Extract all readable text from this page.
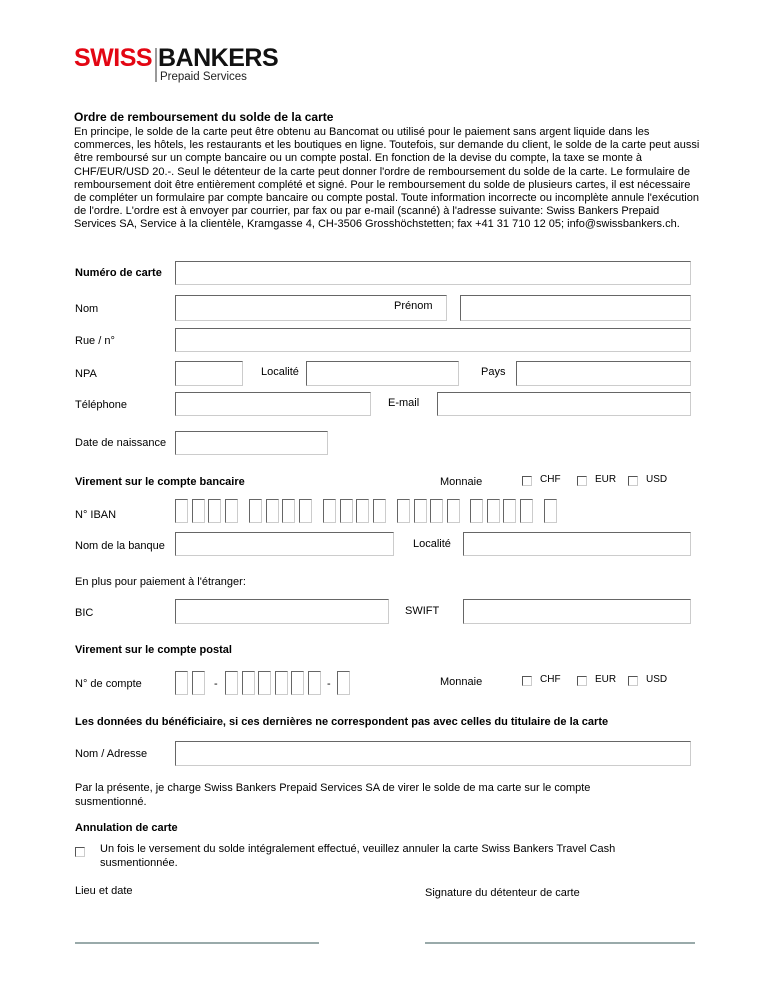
SWISS BANKERS
Prepaid Services
Ordre de remboursement du solde de la carte
En principe, le solde de la carte peut être obtenu au Bancomat ou utilisé pour le paiement sans argent liquide dans les commerces, les hôtels, les restaurants et les boutiques en ligne. Toutefois, sur demande du client, le solde de la carte peut aussi être remboursé sur un compte bancaire ou un compte postal. En fonction de la devise du compte, la taxe se monte à CHF/EUR/USD 20.-. Seul le détenteur de la carte peut donner l'ordre de remboursement du solde de la carte. Le formulaire de remboursement doit être entièrement complété et signé. Pour le remboursement du solde de plusieurs cartes, il est nécessaire de compléter un formulaire par compte bancaire ou compte postal. Toute information incorrecte ou incomplète annule l'exécution de l'ordre. L'ordre est à envoyer par courrier, par fax ou par e-mail (scanné) à l'adresse suivante: Swiss Bankers Prepaid Services SA, Service à la clientèle, Kramgasse 4, CH-3506 Grosshöchstetten; fax +41 31 710 12 05; info@swissbankers.ch.
Numéro de carte
Nom	Prénom
Rue / n°
NPA	Localité	Pays
Téléphone	E-mail
Date de naissance
Virement sur le compte bancaire	Monnaie	CHF	EUR	USD
N° IBAN
Nom de la banque	Localité
En plus pour paiement à l'étranger:
BIC	SWIFT
Virement sur le compte postal
N° de compte	-	-	Monnaie	CHF	EUR	USD
Les données du bénéficiaire, si ces dernières ne correspondent pas avec celles du titulaire de la carte
Nom / Adresse
Par la présente, je charge Swiss Bankers Prepaid Services SA de virer le solde de ma carte sur le compte susmentionné.
Annulation de carte
Un fois le versement du solde intégralement effectué, veuillez annuler la carte Swiss Bankers Travel Cash susmentionnée.
Lieu et date	Signature du détenteur de carte
